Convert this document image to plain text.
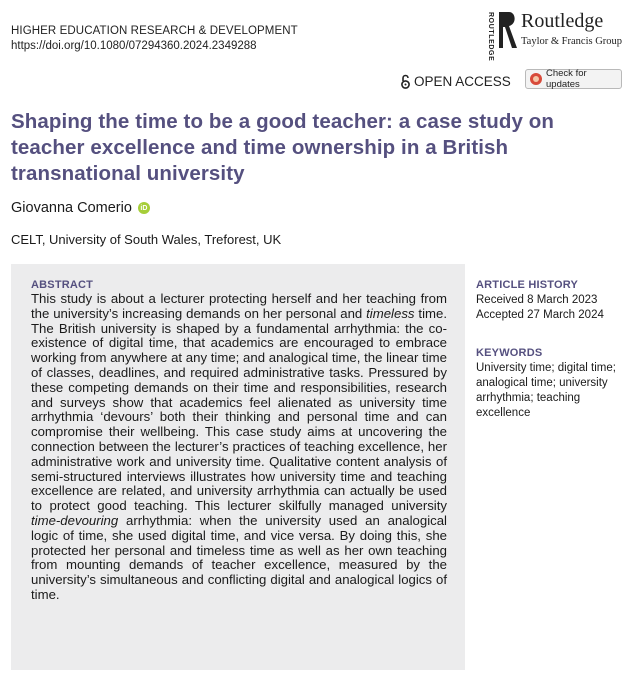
HIGHER EDUCATION RESEARCH & DEVELOPMENT
https://doi.org/10.1080/07294360.2024.2349288	ROUTLEDGE Routledge
Taylor & Francis Group
OPEN ACCESS
Check for updates
Shaping the time to be a good teacher: a case study on teacher excellence and time ownership in a British transnational university
Giovanna Comerio	iD
CELT, University of South Wales, Treforest, UK
ABSTRACT
This study is about a lecturer protecting herself and her teaching from the university’s increasing demands on her personal and timeless time. The British university is shaped by a fundamental arrhythmia: the co-existence of digital time, that academics are encouraged to embrace working from anywhere at any time; and analogical time, the linear time of classes, deadlines, and required administrative tasks. Pressured by these competing demands on their time and responsibilities, research and surveys show that academics feel alienated as university time arrhythmia ‘devours’ both their thinking and personal time and can compromise their wellbeing. This case study aims at uncovering the connection between the lecturer’s practices of teaching excellence, her administrative work and university time. Qualitative content analysis of semi-structured interviews illustrates how university time and teaching excellence are related, and university arrhythmia can actually be used to protect good teaching. This lecturer skilfully managed university time-devouring arrhythmia: when the university used an analogical logic of time, she used digital time, and vice versa. By doing this, she protected her personal and timeless time as well as her own teaching from mounting demands of teacher excellence, measured by the university’s simultaneous and conflicting digital and analogical logics of time.
ARTICLE HISTORY
Received 8 March 2023
Accepted 27 March 2024
KEYWORDS
University time; digital time; analogical time; university arrhythmia; teaching excellence
